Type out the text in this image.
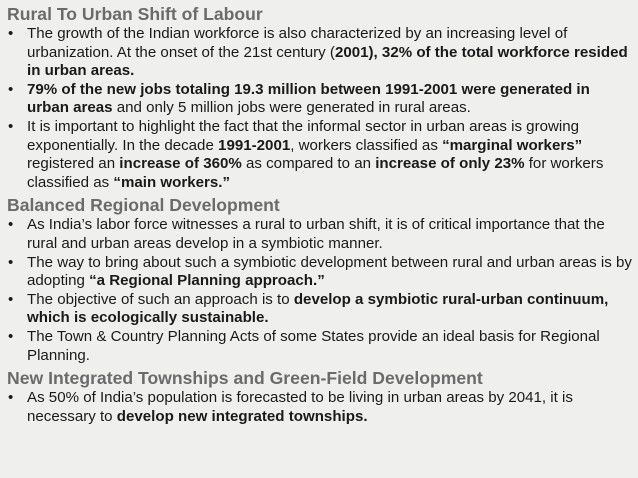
Rural To Urban Shift of Labour
• The growth of the Indian workforce is also characterized by an increasing level of urbanization. At the onset of the 21st century (2001), 32% of the total workforce resided in urban areas.
• 79% of the new jobs totaling 19.3 million between 1991-2001 were generated in urban areas and only 5 million jobs were generated in rural areas.
• It is important to highlight the fact that the informal sector in urban areas is growing exponentially. In the decade 1991-2001, workers classified as “marginal workers” registered an increase of 360% as compared to an increase of only 23% for workers classified as “main workers.”
Balanced Regional Development
• As India’s labor force witnesses a rural to urban shift, it is of critical importance that the rural and urban areas develop in a symbiotic manner.
• The way to bring about such a symbiotic development between rural and urban areas is by adopting “a Regional Planning approach.”
• The objective of such an approach is to develop a symbiotic rural-urban continuum, which is ecologically sustainable.
• The Town & Country Planning Acts of some States provide an ideal basis for Regional Planning.
New Integrated Townships and Green-Field Development
• As 50% of India’s population is forecasted to be living in urban areas by 2041, it is necessary to develop new integrated townships.
